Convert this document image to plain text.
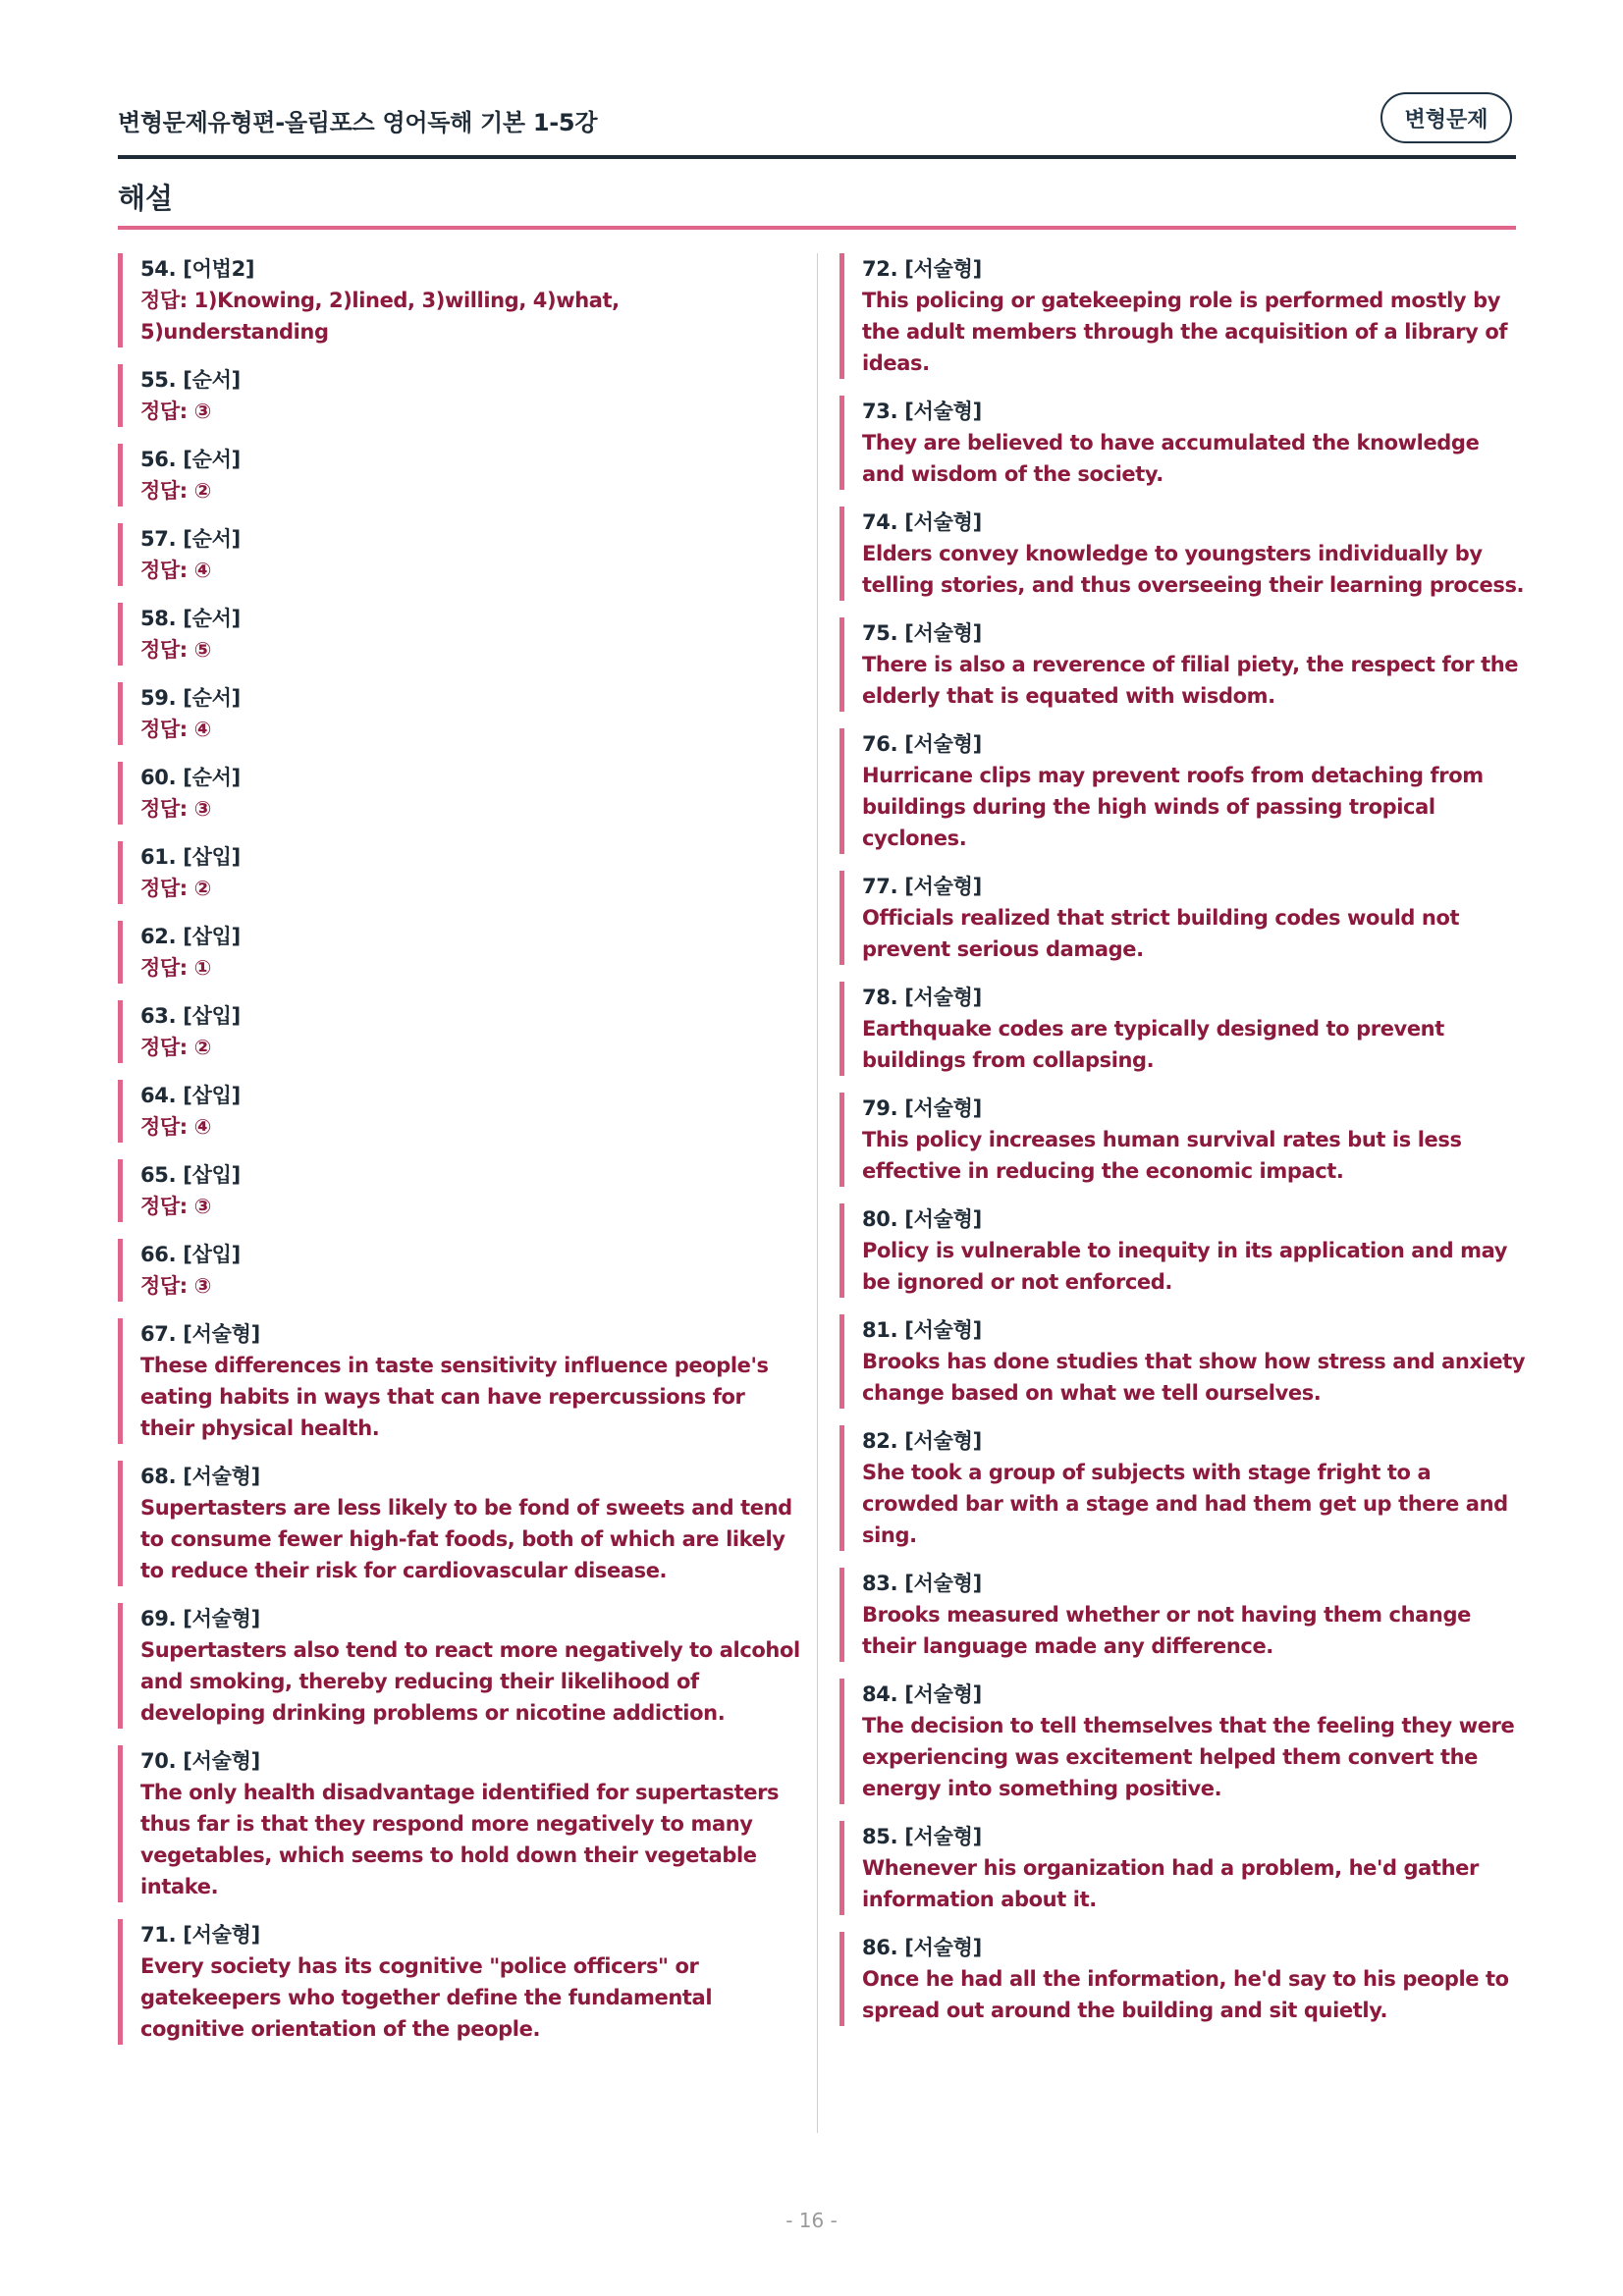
변형문제유형편-올림포스 영어독해 기본 1-5강	변형문제
해설
54. [어법2]
정답: 1)Knowing, 2)lined, 3)willing, 4)what, 5)understanding
55. [순서]
정답: ③
56. [순서]
정답: ②
57. [순서]
정답: ④
58. [순서]
정답: ⑤
59. [순서]
정답: ④
60. [순서]
정답: ③
61. [삽입]
정답: ②
62. [삽입]
정답: ①
63. [삽입]
정답: ②
64. [삽입]
정답: ④
65. [삽입]
정답: ③
66. [삽입]
정답: ③
67. [서술형]
These differences in taste sensitivity influence people's eating habits in ways that can have repercussions for their physical health.
68. [서술형]
Supertasters are less likely to be fond of sweets and tend to consume fewer high-fat foods, both of which are likely to reduce their risk for cardiovascular disease.
69. [서술형]
Supertasters also tend to react more negatively to alcohol and smoking, thereby reducing their likelihood of developing drinking problems or nicotine addiction.
70. [서술형]
The only health disadvantage identified for supertasters thus far is that they respond more negatively to many vegetables, which seems to hold down their vegetable intake.
71. [서술형]
Every society has its cognitive "police officers" or gatekeepers who together define the fundamental cognitive orientation of the people.
72. [서술형]
This policing or gatekeeping role is performed mostly by the adult members through the acquisition of a library of ideas.
73. [서술형]
They are believed to have accumulated the knowledge and wisdom of the society.
74. [서술형]
Elders convey knowledge to youngsters individually by telling stories, and thus overseeing their learning process.
75. [서술형]
There is also a reverence of filial piety, the respect for the elderly that is equated with wisdom.
76. [서술형]
Hurricane clips may prevent roofs from detaching from buildings during the high winds of passing tropical cyclones.
77. [서술형]
Officials realized that strict building codes would not prevent serious damage.
78. [서술형]
Earthquake codes are typically designed to prevent buildings from collapsing.
79. [서술형]
This policy increases human survival rates but is less effective in reducing the economic impact.
80. [서술형]
Policy is vulnerable to inequity in its application and may be ignored or not enforced.
81. [서술형]
Brooks has done studies that show how stress and anxiety change based on what we tell ourselves.
82. [서술형]
She took a group of subjects with stage fright to a crowded bar with a stage and had them get up there and sing.
83. [서술형]
Brooks measured whether or not having them change their language made any difference.
84. [서술형]
The decision to tell themselves that the feeling they were experiencing was excitement helped them convert the energy into something positive.
85. [서술형]
Whenever his organization had a problem, he'd gather information about it.
86. [서술형]
Once he had all the information, he'd say to his people to spread out around the building and sit quietly.
- 16 -
